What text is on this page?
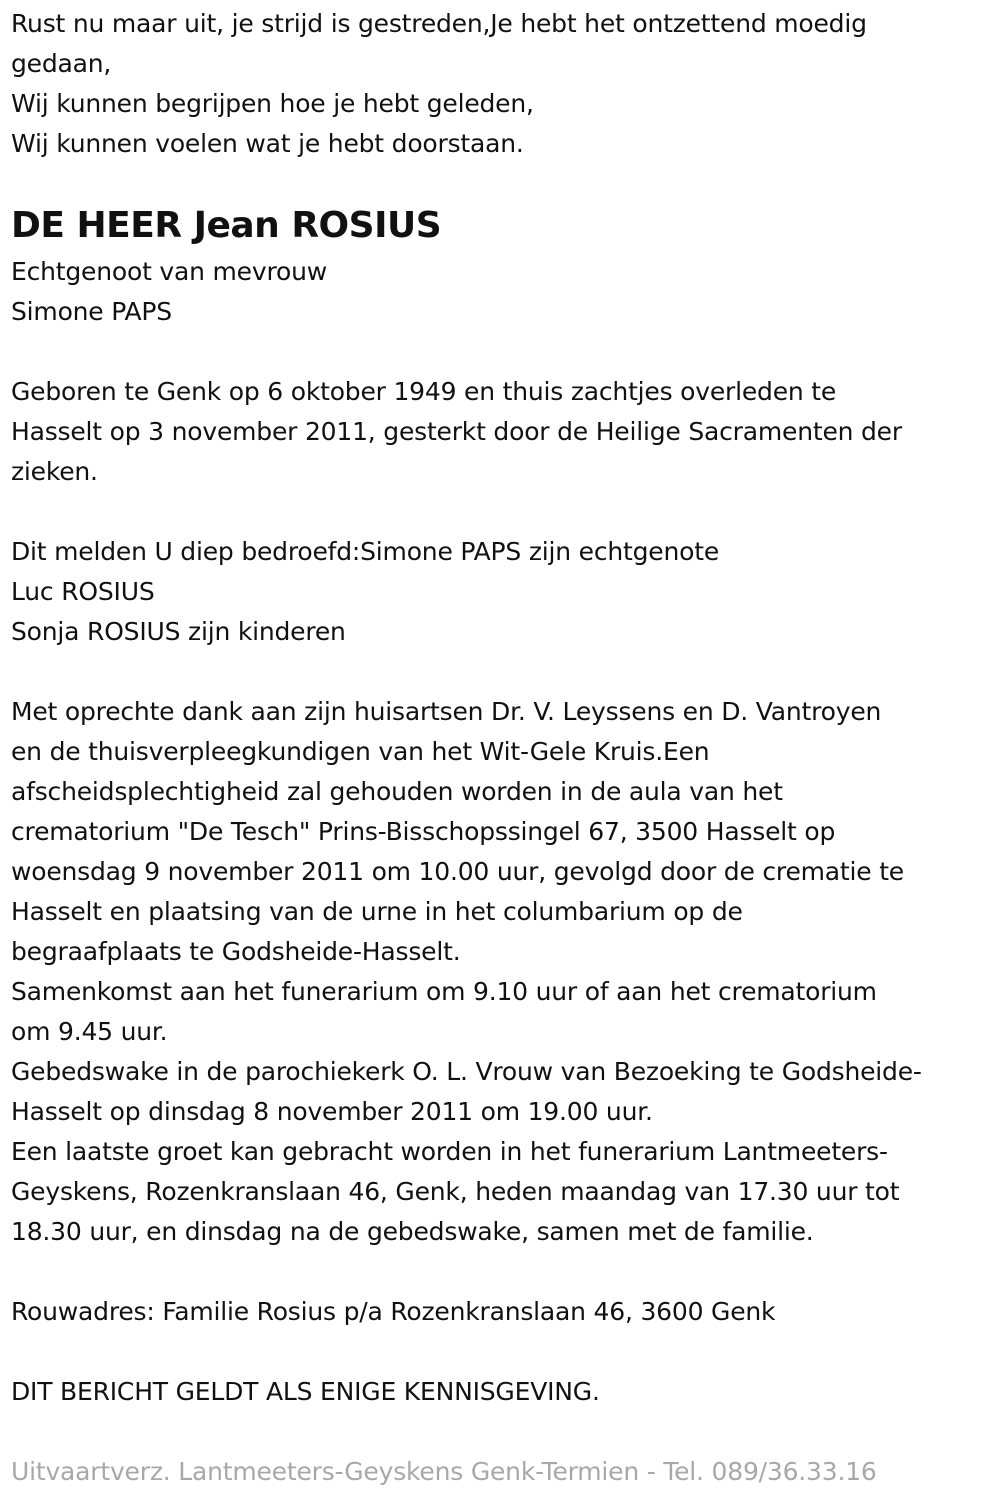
Rust nu maar uit, je strijd is gestreden,Je hebt het ontzettend moedig
gedaan,
Wij kunnen begrijpen hoe je hebt geleden,
Wij kunnen voelen wat je hebt doorstaan.
DE HEER Jean ROSIUS
Echtgenoot van mevrouw
Simone PAPS
Geboren te Genk op 6 oktober 1949 en thuis zachtjes overleden te
Hasselt op 3 november 2011, gesterkt door de Heilige Sacramenten der
zieken.
Dit melden U diep bedroefd:Simone PAPS zijn echtgenote
Luc ROSIUS
Sonja ROSIUS zijn kinderen
Met oprechte dank aan zijn huisartsen Dr. V. Leyssens en D. Vantroyen
en de thuisverpleegkundigen van het Wit-Gele Kruis.Een
afscheidsplechtigheid zal gehouden worden in de aula van het
crematorium "De Tesch" Prins-Bisschopssingel 67, 3500 Hasselt op
woensdag 9 november 2011 om 10.00 uur, gevolgd door de crematie te
Hasselt en plaatsing van de urne in het columbarium op de
begraafplaats te Godsheide-Hasselt.
Samenkomst aan het funerarium om 9.10 uur of aan het crematorium
om 9.45 uur.
Gebedswake in de parochiekerk O. L. Vrouw van Bezoeking te Godsheide-
Hasselt op dinsdag 8 november 2011 om 19.00 uur.
Een laatste groet kan gebracht worden in het funerarium Lantmeeters-
Geyskens, Rozenkranslaan 46, Genk, heden maandag van 17.30 uur tot
18.30 uur, en dinsdag na de gebedswake, samen met de familie.
Rouwadres: Familie Rosius p/a Rozenkranslaan 46, 3600 Genk
DIT BERICHT GELDT ALS ENIGE KENNISGEVING.
Uitvaartverz. Lantmeeters-Geyskens Genk-Termien - Tel. 089/36.33.16
